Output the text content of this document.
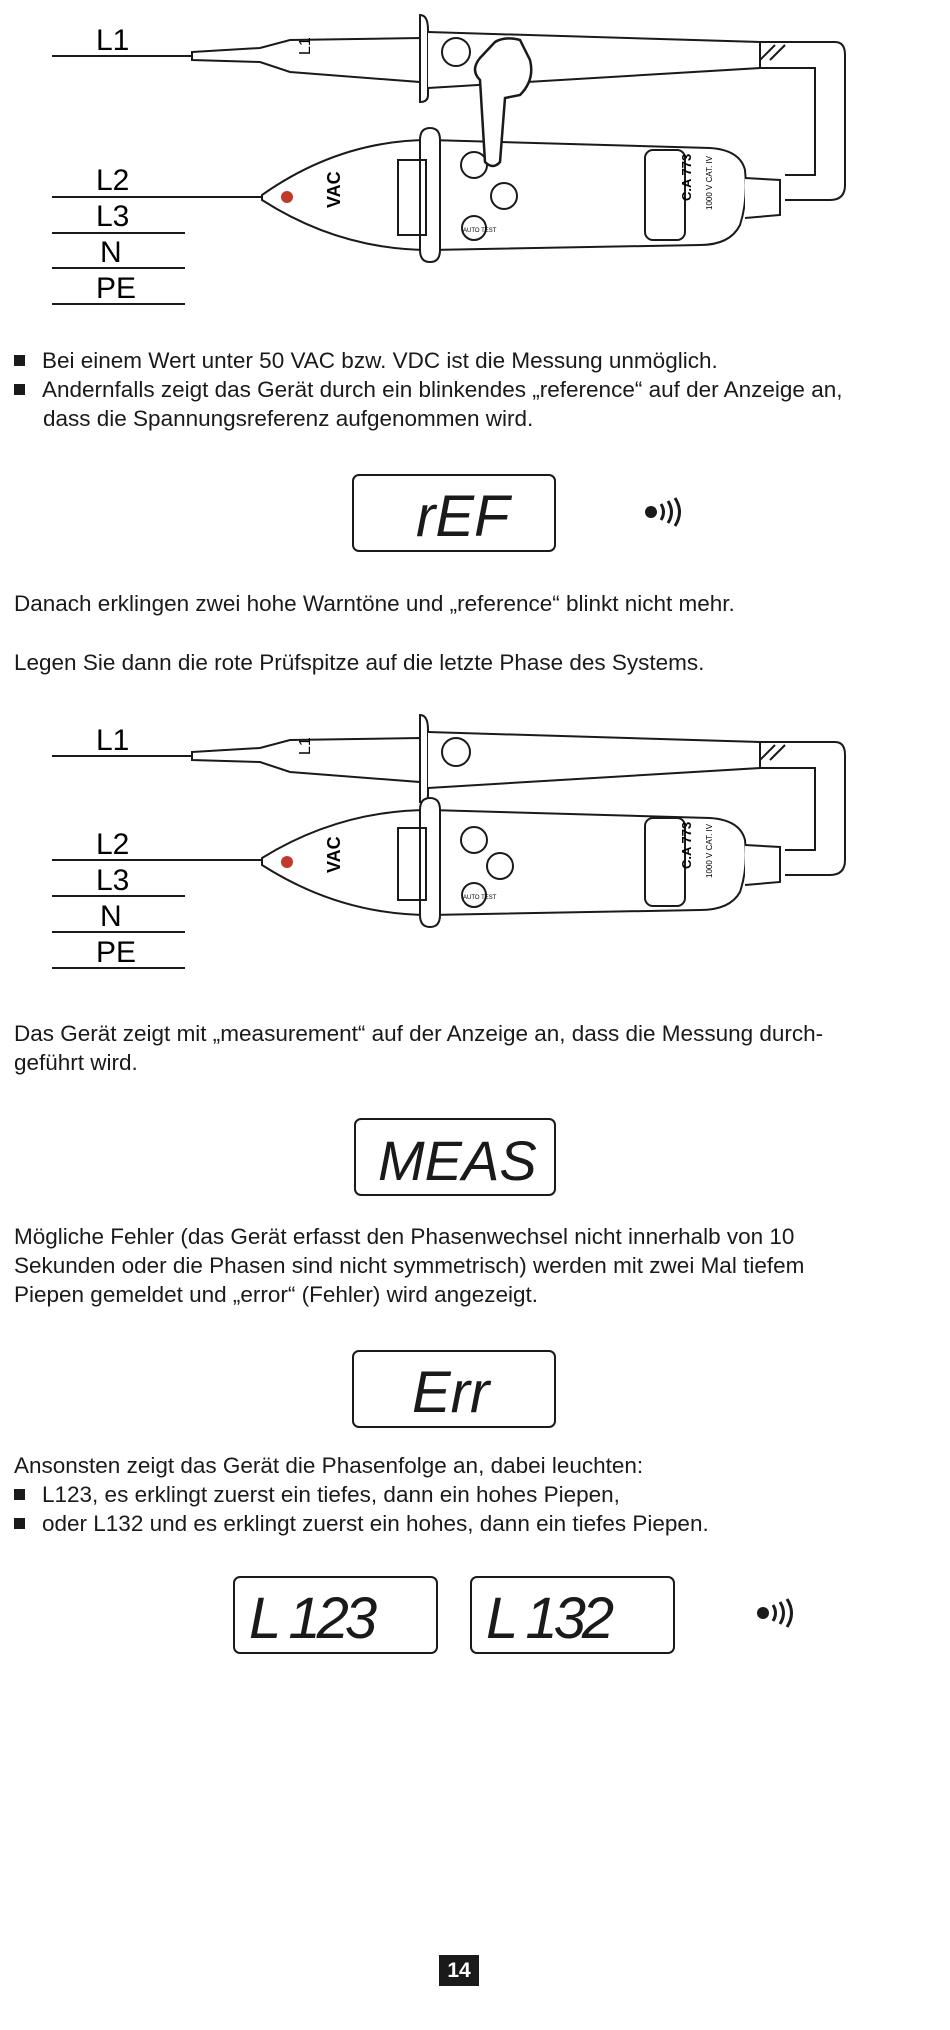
L1
L2
L3
N
PE
L1
VAC	C.A 773 1000 V CAT. IV
AUTO TEST
Bei einem Wert unter 50 VAC bzw. VDC ist die Messung unmöglich.
Andernfalls zeigt das Gerät durch ein blinkendes „reference“ auf der Anzeige an,
dass die Spannungsreferenz aufgenommen wird.
rEF
Danach erklingen zwei hohe Warntöne und „reference“ blinkt nicht mehr.
Legen Sie dann die rote Prüfspitze auf die letzte Phase des Systems.
L1
L2
L3
N
PE
L1
VAC	C.A 773 1000 V CAT. IV
AUTO TEST
Das Gerät zeigt mit „measurement“ auf der Anzeige an, dass die Messung durch-
geführt wird.
MEAS
Mögliche Fehler (das Gerät erfasst den Phasenwechsel nicht innerhalb von 10
Sekunden oder die Phasen sind nicht symmetrisch) werden mit zwei Mal tiefem
Piepen gemeldet und „error“ (Fehler) wird angezeigt.
Err
Ansonsten zeigt das Gerät die Phasenfolge an, dabei leuchten:
L123, es erklingt zuerst ein tiefes, dann ein hohes Piepen,
oder L132 und es erklingt zuerst ein hohes, dann ein tiefes Piepen.
L 123 L 132
14
